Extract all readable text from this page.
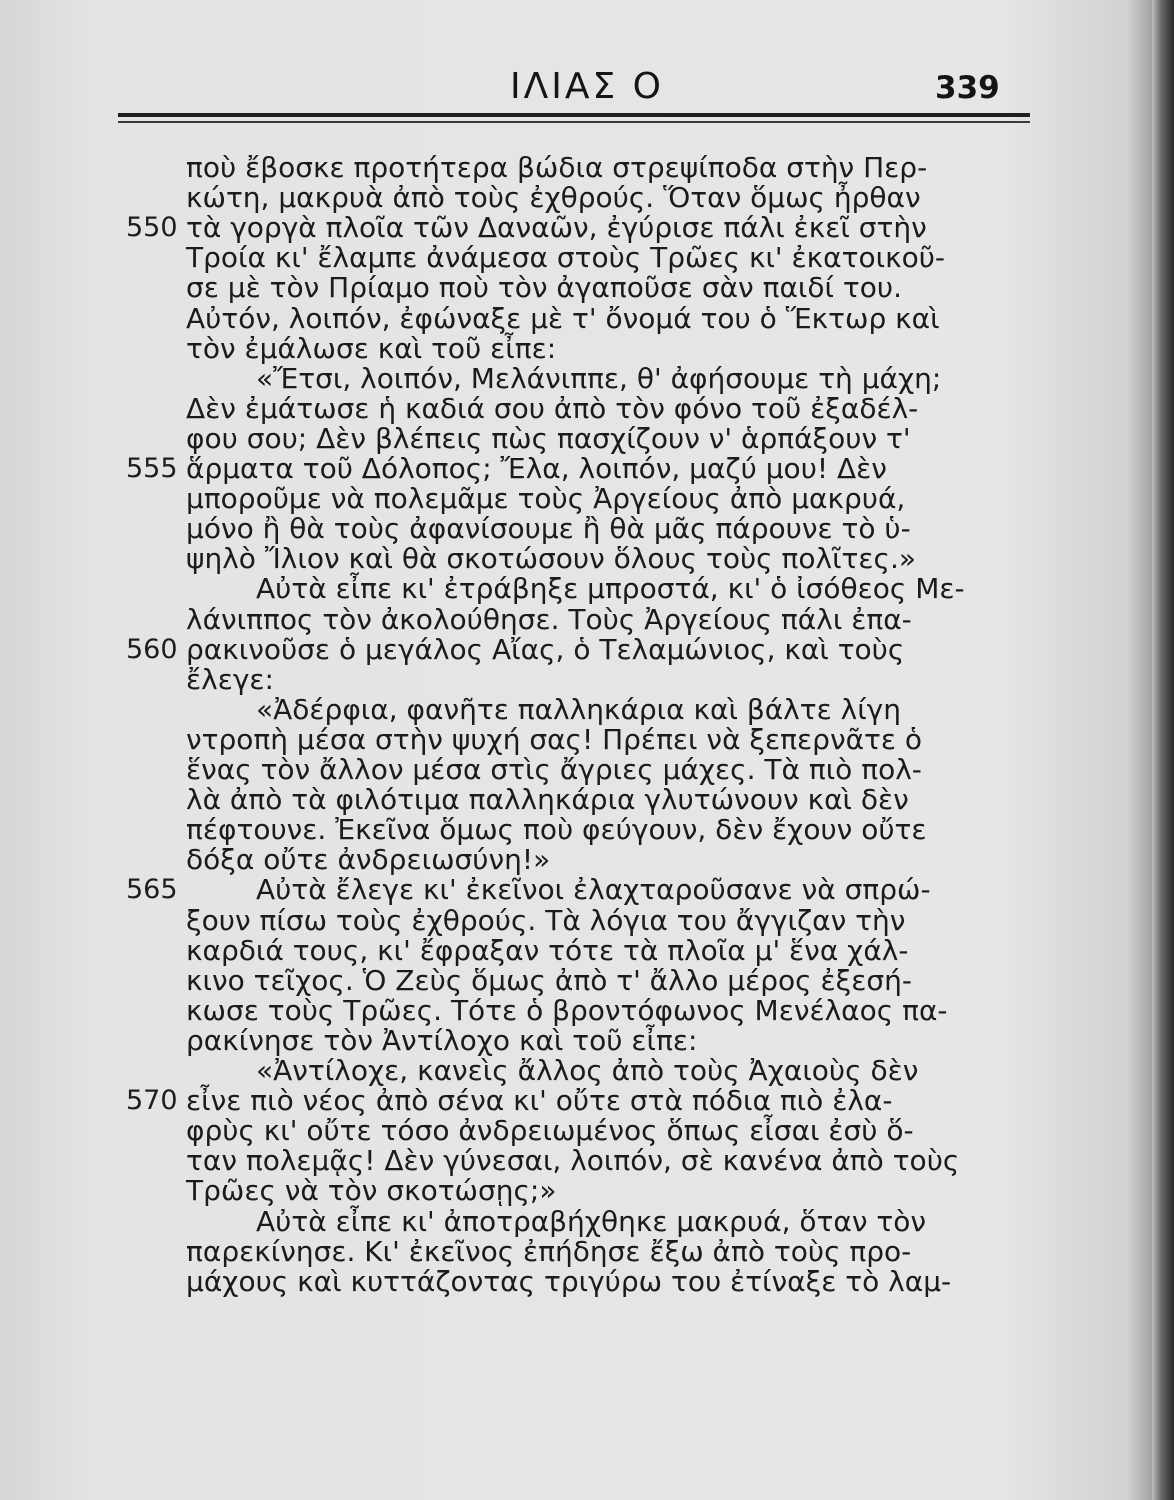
ΙΛΙΑΣ Ο	339
ποὺ ἔβοσκε προτήτερα βώδια στρεψίποδα στὴν Περ-
κώτη, μακρυὰ ἀπὸ τοὺς ἐχθρούς. Ὅταν ὅμως ἦρθαν
τὰ γοργὰ πλοῖα τῶν Δαναῶν, ἐγύρισε πάλι ἐκεῖ στὴν
550
Τροία κι' ἔλαμπε ἀνάμεσα στοὺς Τρῶες κι' ἐκατοικοῦ-
σε μὲ τὸν Πρίαμο ποὺ τὸν ἀγαποῦσε σὰν παιδί του.
Αὐτόν, λοιπόν, ἐφώναξε μὲ τ' ὄνομά του ὁ Ἕκτωρ καὶ
τὸν ἐμάλωσε καὶ τοῦ εἶπε:
«Ἔτσι, λοιπόν, Μελάνιππε, θ' ἀφήσουμε τὴ μάχη;
Δὲν ἐμάτωσε ἡ καδιά σου ἀπὸ τὸν φόνο τοῦ ἐξαδέλ-
φου σου; Δὲν βλέπεις πὼς πασχίζουν ν' ἁρπάξουν τ'
ἅρματα τοῦ Δόλοπος; Ἔλα, λοιπόν, μαζύ μου! Δὲν
555
μποροῦμε νὰ πολεμᾶμε τοὺς Ἀργείους ἀπὸ μακρυά,
μόνο ἢ θὰ τοὺς ἀφανίσουμε ἢ θὰ μᾶς πάρουνε τὸ ὑ-
ψηλὸ Ἴλιον καὶ θὰ σκοτώσουν ὅλους τοὺς πολῖτες.»
Αὐτὰ εἶπε κι' ἐτράβηξε μπροστά, κι' ὁ ἰσόθεος Με-
λάνιππος τὸν ἀκολούθησε. Τοὺς Ἀργείους πάλι ἐπα-
ρακινοῦσε ὁ μεγάλος Αἴας, ὁ Τελαμώνιος, καὶ τοὺς
560
ἔλεγε:
«Ἀδέρφια, φανῆτε παλληκάρια καὶ βάλτε λίγη
ντροπὴ μέσα στὴν ψυχή σας! Πρέπει νὰ ξεπερνᾶτε ὁ
ἕνας τὸν ἄλλον μέσα στὶς ἄγριες μάχες. Τὰ πιὸ πολ-
λὰ ἀπὸ τὰ φιλότιμα παλληκάρια γλυτώνουν καὶ δὲν
πέφτουνε. Ἐκεῖνα ὅμως ποὺ φεύγουν, δὲν ἔχουν οὔτε
δόξα οὔτε ἀνδρειωσύνη!»
Αὐτὰ ἔλεγε κι' ἐκεῖνοι ἐλαχταροῦσανε νὰ σπρώ-
565
ξουν πίσω τοὺς ἐχθρούς. Τὰ λόγια του ἄγγιζαν τὴν
καρδιά τους, κι' ἔφραξαν τότε τὰ πλοῖα μ' ἕνα χάλ-
κινο τεῖχος. Ὁ Ζεὺς ὅμως ἀπὸ τ' ἄλλο μέρος ἐξεσή-
κωσε τοὺς Τρῶες. Τότε ὁ βροντόφωνος Μενέλαος πα-
ρακίνησε τὸν Ἀντίλοχο καὶ τοῦ εἶπε:
«Ἀντίλοχε, κανεὶς ἄλλος ἀπὸ τοὺς Ἀχαιοὺς δὲν
εἶνε πιὸ νέος ἀπὸ σένα κι' οὔτε στὰ πόδια πιὸ ἐλα-
570
φρὺς κι' οὔτε τόσο ἀνδρειωμένος ὅπως εἶσαι ἐσὺ ὅ-
ταν πολεμᾷς! Δὲν γύνεσαι, λοιπόν, σὲ κανένα ἀπὸ τοὺς
Τρῶες νὰ τὸν σκοτώσῃς;»
Αὐτὰ εἶπε κι' ἀποτραβήχθηκε μακρυά, ὅταν τὸν
παρεκίνησε. Κι' ἐκεῖνος ἐπήδησε ἔξω ἀπὸ τοὺς προ-
μάχους καὶ κυττάζοντας τριγύρω του ἐτίναξε τὸ λαμ-
